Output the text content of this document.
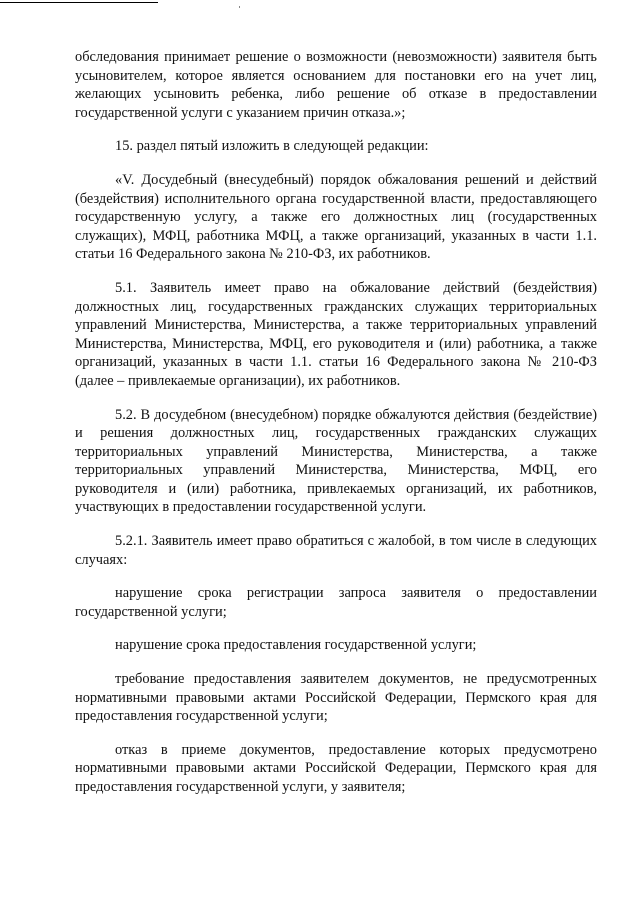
обследования принимает решение о возможности (невозможности) заявителя быть усыновителем, которое является основанием для постановки его на учет лиц, желающих усыновить ребенка, либо решение об отказе в предоставлении государственной услуги с указанием причин отказа.»;

15. раздел пятый изложить в следующей редакции:

«V. Досудебный (внесудебный) порядок обжалования решений и действий (бездействия) исполнительного органа государственной власти, предоставляющего государственную услугу, а также его должностных лиц (государственных служащих), МФЦ, работника МФЦ, а также организаций, указанных в части 1.1. статьи 16 Федерального закона № 210-ФЗ, их работников.

5.1. Заявитель имеет право на обжалование действий (бездействия) должностных лиц, государственных гражданских служащих территориальных управлений Министерства, Министерства, а также территориальных управлений Министерства, Министерства, МФЦ, его руководителя и (или) работника, а также организаций, указанных в части 1.1. статьи 16 Федерального закона № 210-ФЗ (далее – привлекаемые организации), их работников.

5.2. В досудебном (внесудебном) порядке обжалуются действия (бездействие) и решения должностных лиц, государственных гражданских служащих территориальных управлений Министерства, Министерства, а также территориальных управлений Министерства, Министерства, МФЦ, его руководителя и (или) работника, привлекаемых организаций, их работников, участвующих в предоставлении государственной услуги.

5.2.1. Заявитель имеет право обратиться с жалобой, в том числе в следующих случаях:

нарушение срока регистрации запроса заявителя о предоставлении государственной услуги;

нарушение срока предоставления государственной услуги;

требование предоставления заявителем документов, не предусмотренных нормативными правовыми актами Российской Федерации, Пермского края для предоставления государственной услуги;

отказ в приеме документов, предоставление которых предусмотрено нормативными правовыми актами Российской Федерации, Пермского края для предоставления государственной услуги, у заявителя;
